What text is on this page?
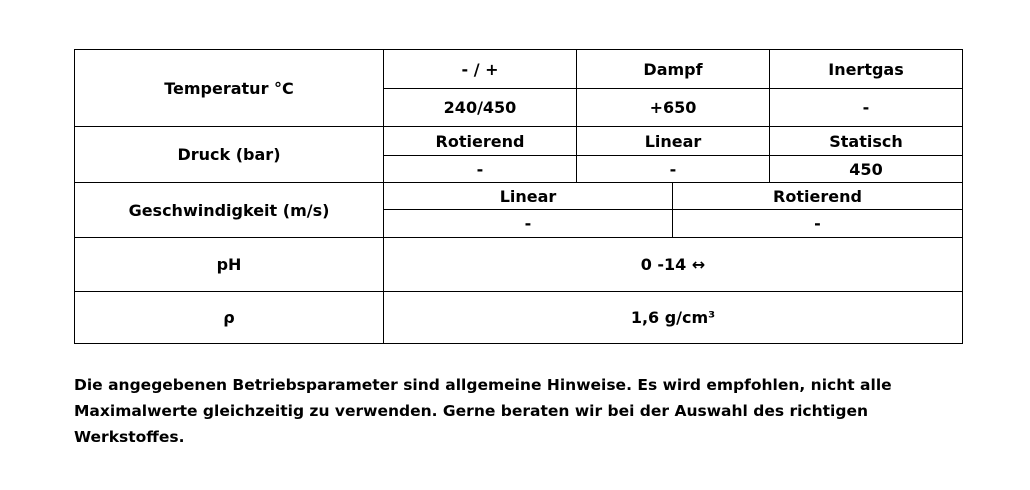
Temperatur °C
- / +	Dampf	Inertgas
240/450	+650	-
Druck (bar)
Rotierend	Linear	Statisch
-	-	450
Geschwindigkeit (m/s)
Linear	Rotierend
-	-
pH	0 -14 ↔
ρ	1,6 g/cm³
Die angegebenen Betriebsparameter sind allgemeine Hinweise. Es wird empfohlen, nicht alle
Maximalwerte gleichzeitig zu verwenden. Gerne beraten wir bei der Auswahl des richtigen
Werkstoffes.
